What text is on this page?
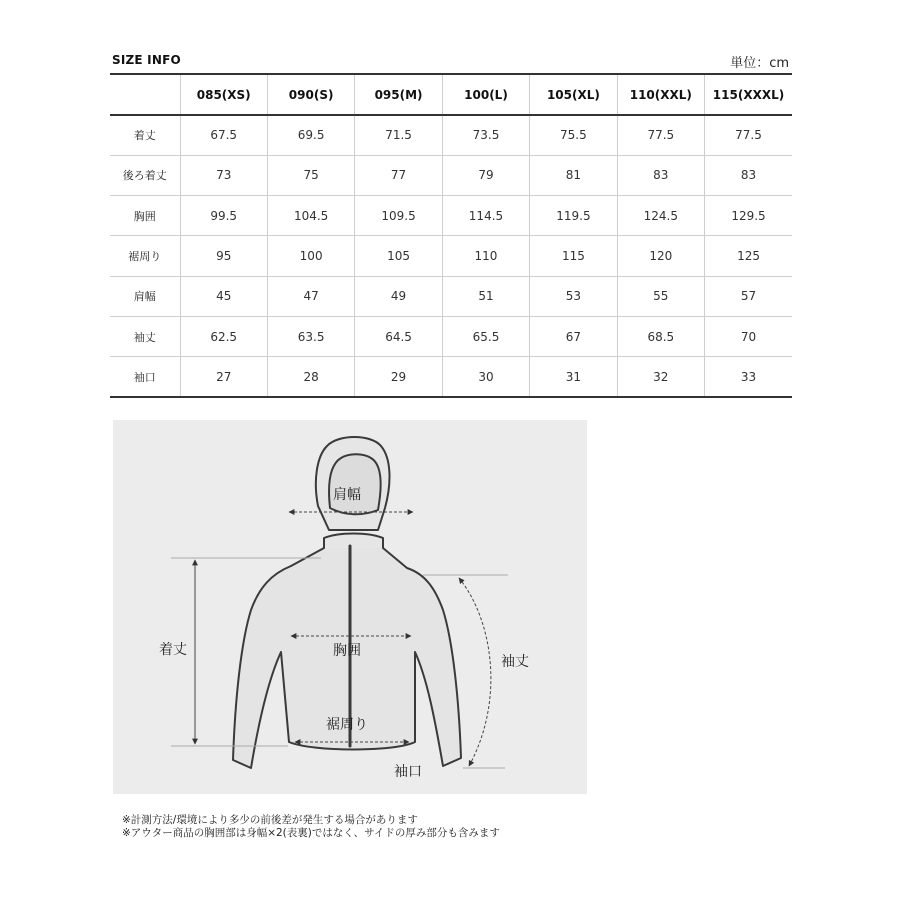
SIZE INFO	単位：cm
	085(XS)	090(S)	095(M)	100(L)	105(XL)	110(XXL)	115(XXXL)
着丈	67.5	69.5	71.5	73.5	75.5	77.5	77.5
後ろ着丈	73	75	77	79	81	83	83
胸囲	99.5	104.5	109.5	114.5	119.5	124.5	129.5
裾周り	95	100	105	110	115	120	125
肩幅	45	47	49	51	53	55	57
袖丈	62.5	63.5	64.5	65.5	67	68.5	70
袖口	27	28	29	30	31	32	33
肩幅
着丈	胸囲
袖丈
裾周り
袖口
※計測方法/環境により多少の前後差が発生する場合があります
※アウター商品の胸囲部は身幅×2(表裏)ではなく、サイドの厚み部分も含みます
